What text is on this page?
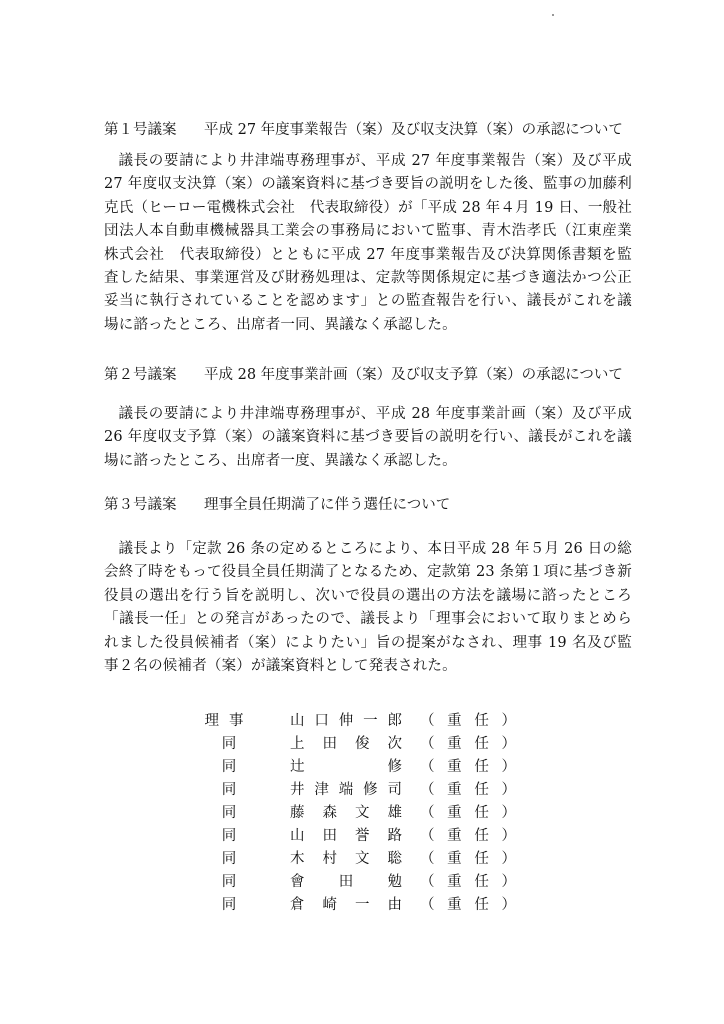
第１号議案 平成 27 年度事業報告（案）及び収支決算（案）の承認について
議長の要請により井津端専務理事が、平成 27 年度事業報告（案）及び平成 27 年度収支決算（案）の議案資料に基づき要旨の説明をした後、監事の加藤利克氏（ヒーロー電機株式会社　代表取締役）が「平成 28 年４月 19 日、一般社団法人本自動車機械器具工業会の事務局において監事、青木浩孝氏（江東産業株式会社　代表取締役）とともに平成 27 年度事業報告及び決算関係書類を監査した結果、事業運営及び財務処理は、定款等関係規定に基づき適法かつ公正妥当に執行されていることを認めます」との監査報告を行い、議長がこれを議場に諮ったところ、出席者一同、異議なく承認した。
第２号議案 平成 28 年度事業計画（案）及び収支予算（案）の承認について
議長の要請により井津端専務理事が、平成 28 年度事業計画（案）及び平成 26 年度収支予算（案）の議案資料に基づき要旨の説明を行い、議長がこれを議場に諮ったところ、出席者一度、異議なく承認した。
第３号議案 理事全員任期満了に伴う選任について
議長より「定款 26 条の定めるところにより、本日平成 28 年５月 26 日の総会終了時をもって役員全員任期満了となるため、定款第 23 条第１項に基づき新役員の選出を行う旨を説明し、次いで役員の選出の方法を議場に諮ったところ「議長一任」との発言があったので、議長より「理事会において取りまとめられました役員候補者（案）によりたい」旨の提案がなされ、理事 19 名及び監事２名の候補者（案）が議案資料として発表された。
理事	山口伸一郎 （重任）
同	上田俊次 （重任）
同	辻修 （重任）
同	井津端修司 （重任）
同	藤森文雄 （重任）
同	山田誉路 （重任）
同	木村文聡 （重任）
同	會田勉 （重任）
同	倉崎一由 （重任）
